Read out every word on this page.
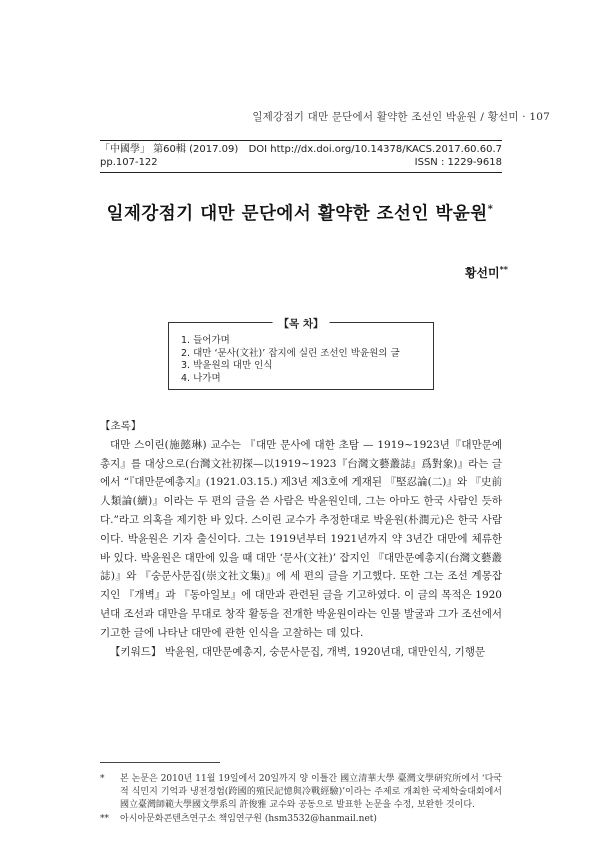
일제강점기 대만 문단에서 활약한 조선인 박윤원 / 황선미 · 107
「中國學」 第60輯 (2017.09) DOI http://dx.doi.org/10.14378/KACS.2017.60.60.7
pp.107-122	ISSN : 1229-9618
일제강점기 대만 문단에서 활약한 조선인 박윤원*
황선미**
【목 차】
1. 들어가며
2. 대만 ‘문사(文社)’ 잡지에 실린 조선인 박윤원의 글
3. 박윤원의 대만 인식
4. 나가며
【초록】

대만 스이린(施懿琳) 교수는 『대만 문사에 대한 초탐 — 1919~1923년『대만문예총지』를 대상으로(台灣文社初探—以1919~1923『台灣文藝叢誌』爲對象)』라는 글에서 “『대만문예총지』(1921.03.15.) 제3년 제3호에 게재된 『堅忍論(二)』와 『史前人類論(續)』이라는 두 편의 글을 쓴 사람은 박윤원인데, 그는 아마도 한국 사람인 듯하다.”라고 의혹을 제기한 바 있다. 스이린 교수가 추정한대로 박윤원(朴潤元)은 한국 사람이다. 박윤원은 기자 출신이다. 그는 1919년부터 1921년까지 약 3년간 대만에 체류한 바 있다. 박윤원은 대만에 있을 때 대만 ‘문사(文社)’ 잡지인 『대만문예총지(台灣文藝叢誌)』와 『숭문사문집(崇文社文集)』에 세 편의 글을 기고했다. 또한 그는 조선 계몽잡지인 『개벽』과 『동아일보』에 대만과 관련된 글을 기고하였다. 이 글의 목적은 1920년대 조선과 대만을 무대로 창작 활동을 전개한 박윤원이라는 인물 발굴과 그가 조선에서 기고한 글에 나타난 대만에 관한 인식을 고찰하는 데 있다.

【키워드】 박윤원, 대만문예총지, 숭문사문집, 개벽, 1920년대, 대만인식, 기행문

*	본 논문은 2010년 11월 19일에서 20일까지 양 이틀간 國立清華大學 臺灣文學研究所에서 ‘다국적 식민지 기억과 냉전경험(跨國的殖民記憶與冷戰經驗)’이라는 주제로 개최한 국제학술대회에서 國立臺灣師範大學國文學系의 許俊雅 교수와 공동으로 발표한 논문을 수정, 보완한 것이다.
**	아시아문화콘텐츠연구소 책임연구원 (hsm3532@hanmail.net)
